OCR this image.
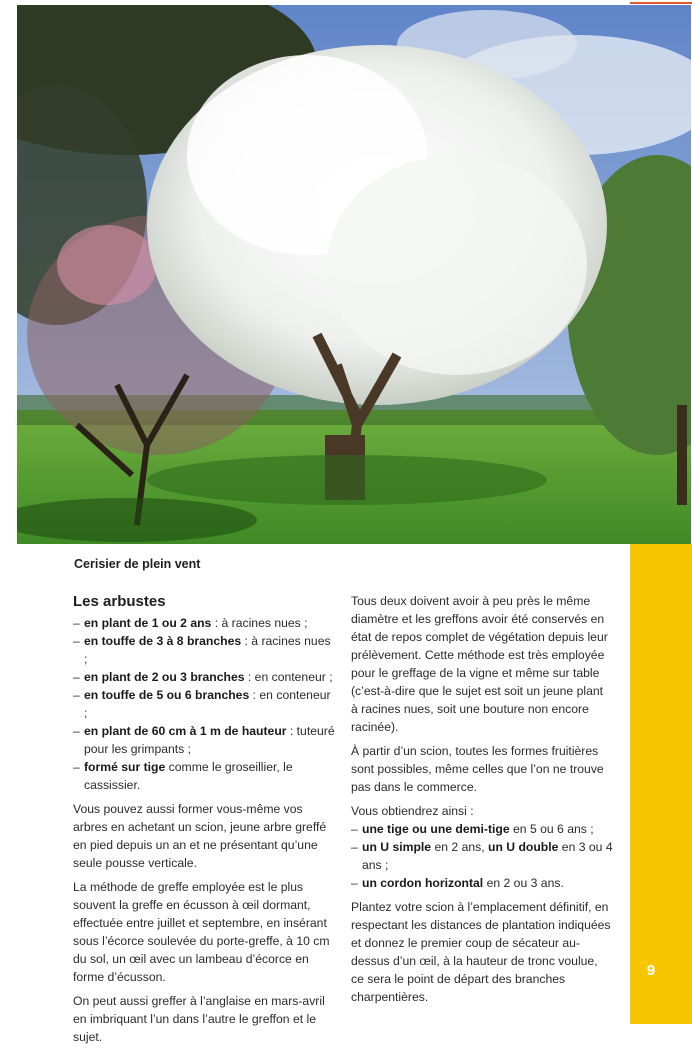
9
Cerisier de plein vent
Les arbustes
– en plant de 1 ou 2 ans : à racines nues ;
– en touffe de 3 à 8 branches : à racines nues ;
– en plant de 2 ou 3 branches : en conteneur ;
– en touffe de 5 ou 6 branches : en conteneur ;
– en plant de 60 cm à 1 m de hauteur : tuteuré pour les grimpants ;
– formé sur tige comme le groseillier, le cassissier.

Vous pouvez aussi former vous-même vos arbres en achetant un scion, jeune arbre greffé en pied depuis un an et ne présentant qu’une seule pousse verticale.

La méthode de greffe employée est le plus souvent la greffe en écusson à œil dormant, effectuée entre juillet et septembre, en insérant sous l’écorce soulevée du porte-greffe, à 10 cm du sol, un œil avec un lambeau d’écorce en forme d’écusson.

On peut aussi greffer à l’anglaise en mars-avril en imbriquant l’un dans l’autre le greffon et le sujet.

Tous deux doivent avoir à peu près le même diamètre et les greffons avoir été conservés en état de repos complet de végétation depuis leur prélèvement. Cette méthode est très employée pour le greffage de la vigne et même sur table (c’est-à-dire que le sujet est soit un jeune plant à racines nues, soit une bouture non encore racinée).

À partir d’un scion, toutes les formes fruitières sont possibles, même celles que l’on ne trouve pas dans le commerce.

Vous obtiendrez ainsi :

– une tige ou une demi-tige en 5 ou 6 ans ;
– un U simple en 2 ans, un U double en 3 ou 4 ans ;
– un cordon horizontal en 2 ou 3 ans.

Plantez votre scion à l’emplacement définitif, en respectant les distances de plantation indiquées et donnez le premier coup de sécateur au-dessus d’un œil, à la hauteur de tronc voulue, ce sera le point de départ des branches charpentières.
